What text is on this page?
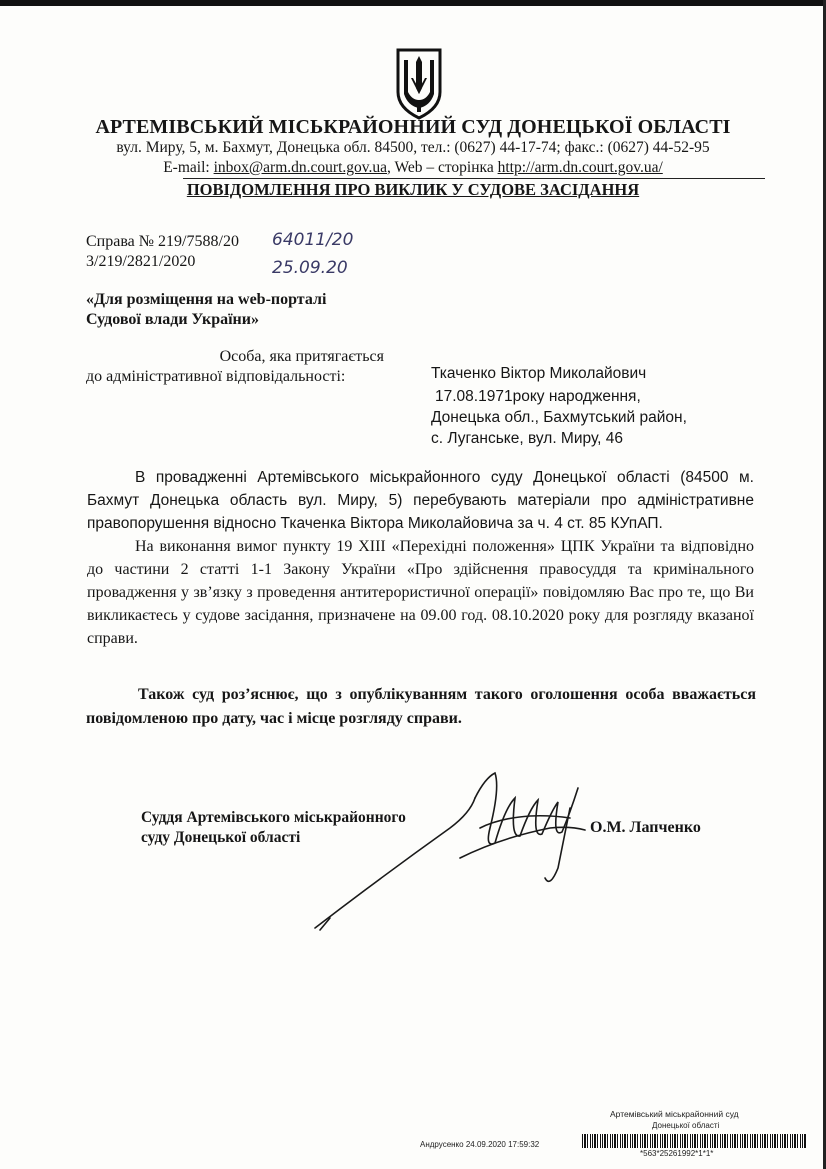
АРТЕМІВСЬКИЙ МІСЬКРАЙОННИЙ СУД ДОНЕЦЬКОЇ ОБЛАСТІ
вул. Миру, 5, м. Бахмут, Донецька обл. 84500, тел.: (0627) 44-17-74; факс.: (0627) 44-52-95
E-mail: inbox@arm.dn.court.gov.ua, Web – сторінка http://arm.dn.court.gov.ua/
ПОВІДОМЛЕННЯ ПРО ВИКЛИК У СУДОВЕ ЗАСІДАННЯ
Справа № 219/7588/20
3/219/2821/2020
64011/20
25.09.20
«Для розміщення на web-порталі
Судової влади України»
Особа, яка притягається
до адміністративної відповідальності:	Ткаченко Віктор Миколайович
17.08.1971року народження,
Донецька обл., Бахмутський район,
с. Луганське, вул. Миру, 46
В провадженні Артемівського міськрайонного суду Донецької області (84500 м. Бахмут Донецька область вул. Миру, 5) перебувають матеріали про адміністративне правопорушення відносно Ткаченка Віктора Миколайовича за ч. 4 ст. 85 КУпАП.
На виконання вимог пункту 19 ХІІІ «Перехідні положення» ЦПК України та відповідно до частини 2 статті 1-1 Закону України «Про здійснення правосуддя та кримінального провадження у зв’язку з проведення антитерористичної операції» повідомляю Вас про те, що Ви викликаєтесь у судове засідання, призначене на 09.00 год. 08.10.2020 року для розгляду вказаної справи.
Також суд роз’яснює, що з опублікуванням такого оголошення особа вважається повідомленою про дату, час і місце розгляду справи.
Суддя Артемівського міськрайонного
суду Донецької області
О.М. Лапченко
Артемівський міськрайонний суд
Донецької області
Андрусенко 24.09.2020 17:59:32
*563*25261992*1*1*
